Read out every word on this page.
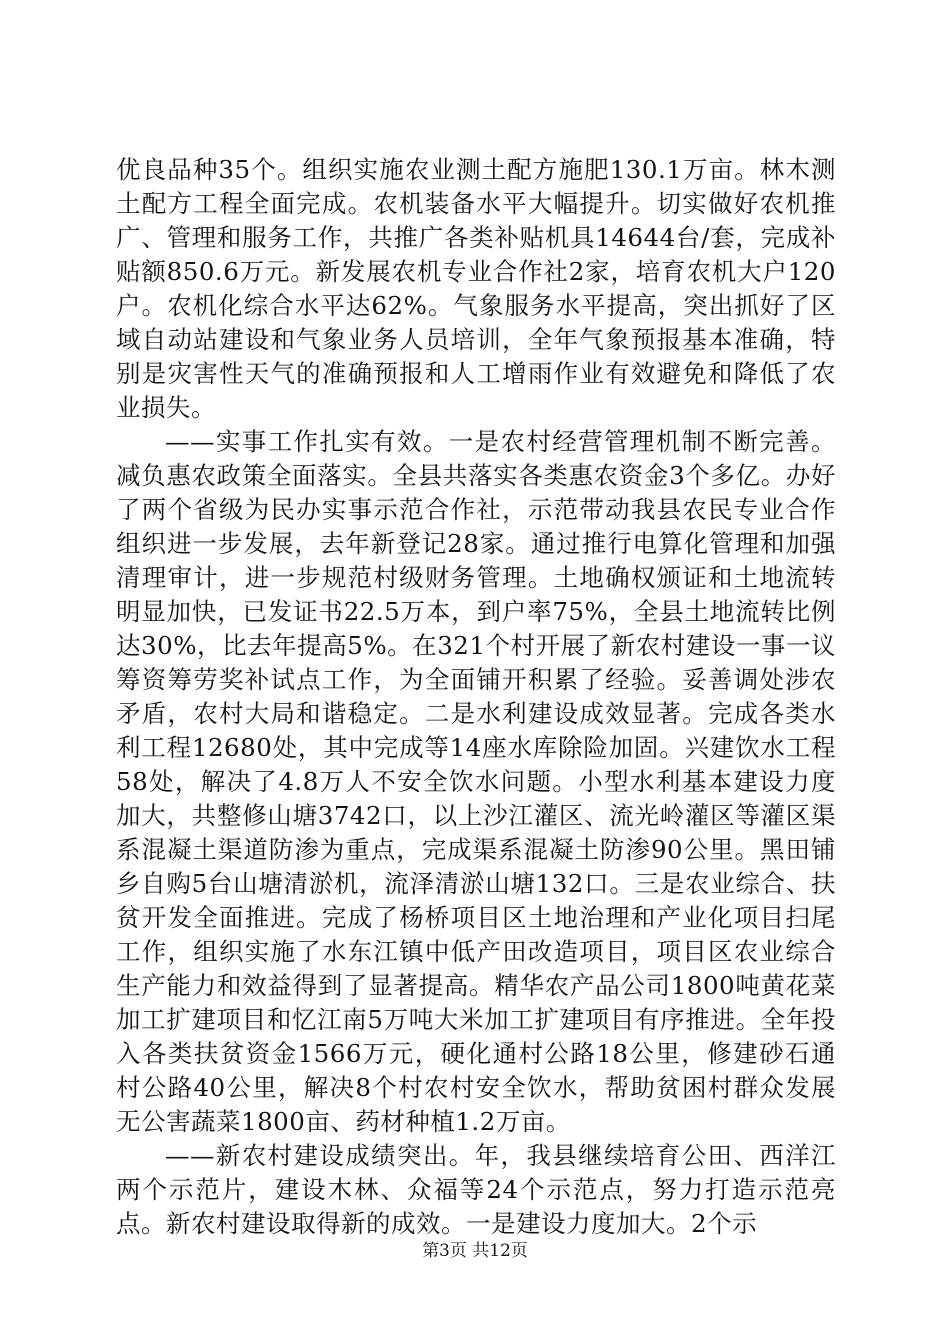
优良品种35个。组织实施农业测土配方施肥130.1万亩。林木测土配方工程全面完成。农机装备水平大幅提升。切实做好农机推广、管理和服务工作，共推广各类补贴机具14644台/套，完成补贴额850.6万元。新发展农机专业合作社2家，培育农机大户120户。农机化综合水平达62%。气象服务水平提高，突出抓好了区域自动站建设和气象业务人员培训，全年气象预报基本准确，特别是灾害性天气的准确预报和人工增雨作业有效避免和降低了农业损失。

——实事工作扎实有效。一是农村经营管理机制不断完善。减负惠农政策全面落实。全县共落实各类惠农资金3个多亿。办好了两个省级为民办实事示范合作社，示范带动我县农民专业合作组织进一步发展，去年新登记28家。通过推行电算化管理和加强清理审计，进一步规范村级财务管理。土地确权颁证和土地流转明显加快，已发证书22.5万本，到户率75%，全县土地流转比例达30%，比去年提高5%。在321个村开展了新农村建设一事一议筹资筹劳奖补试点工作，为全面铺开积累了经验。妥善调处涉农矛盾，农村大局和谐稳定。二是水利建设成效显著。完成各类水利工程12680处，其中完成等14座水库除险加固。兴建饮水工程58处，解决了4.8万人不安全饮水问题。小型水利基本建设力度加大，共整修山塘3742口，以上沙江灌区、流光岭灌区等灌区渠系混凝土渠道防渗为重点，完成渠系混凝土防渗90公里。黑田铺乡自购5台山塘清淤机，流泽清淤山塘132口。三是农业综合、扶贫开发全面推进。完成了杨桥项目区土地治理和产业化项目扫尾工作，组织实施了水东江镇中低产田改造项目，项目区农业综合生产能力和效益得到了显著提高。精华农产品公司1800吨黄花菜加工扩建项目和忆江南5万吨大米加工扩建项目有序推进。全年投入各类扶贫资金1566万元，硬化通村公路18公里，修建砂石通村公路40公里，解决8个村农村安全饮水，帮助贫困村群众发展无公害蔬菜1800亩、药材种植1.2万亩。

——新农村建设成绩突出。年，我县继续培育公田、西洋江两个示范片，建设木林、众福等24个示范点，努力打造示范亮点。新农村建设取得新的成效。一是建设力度加大。2个示

第3页 共12页
